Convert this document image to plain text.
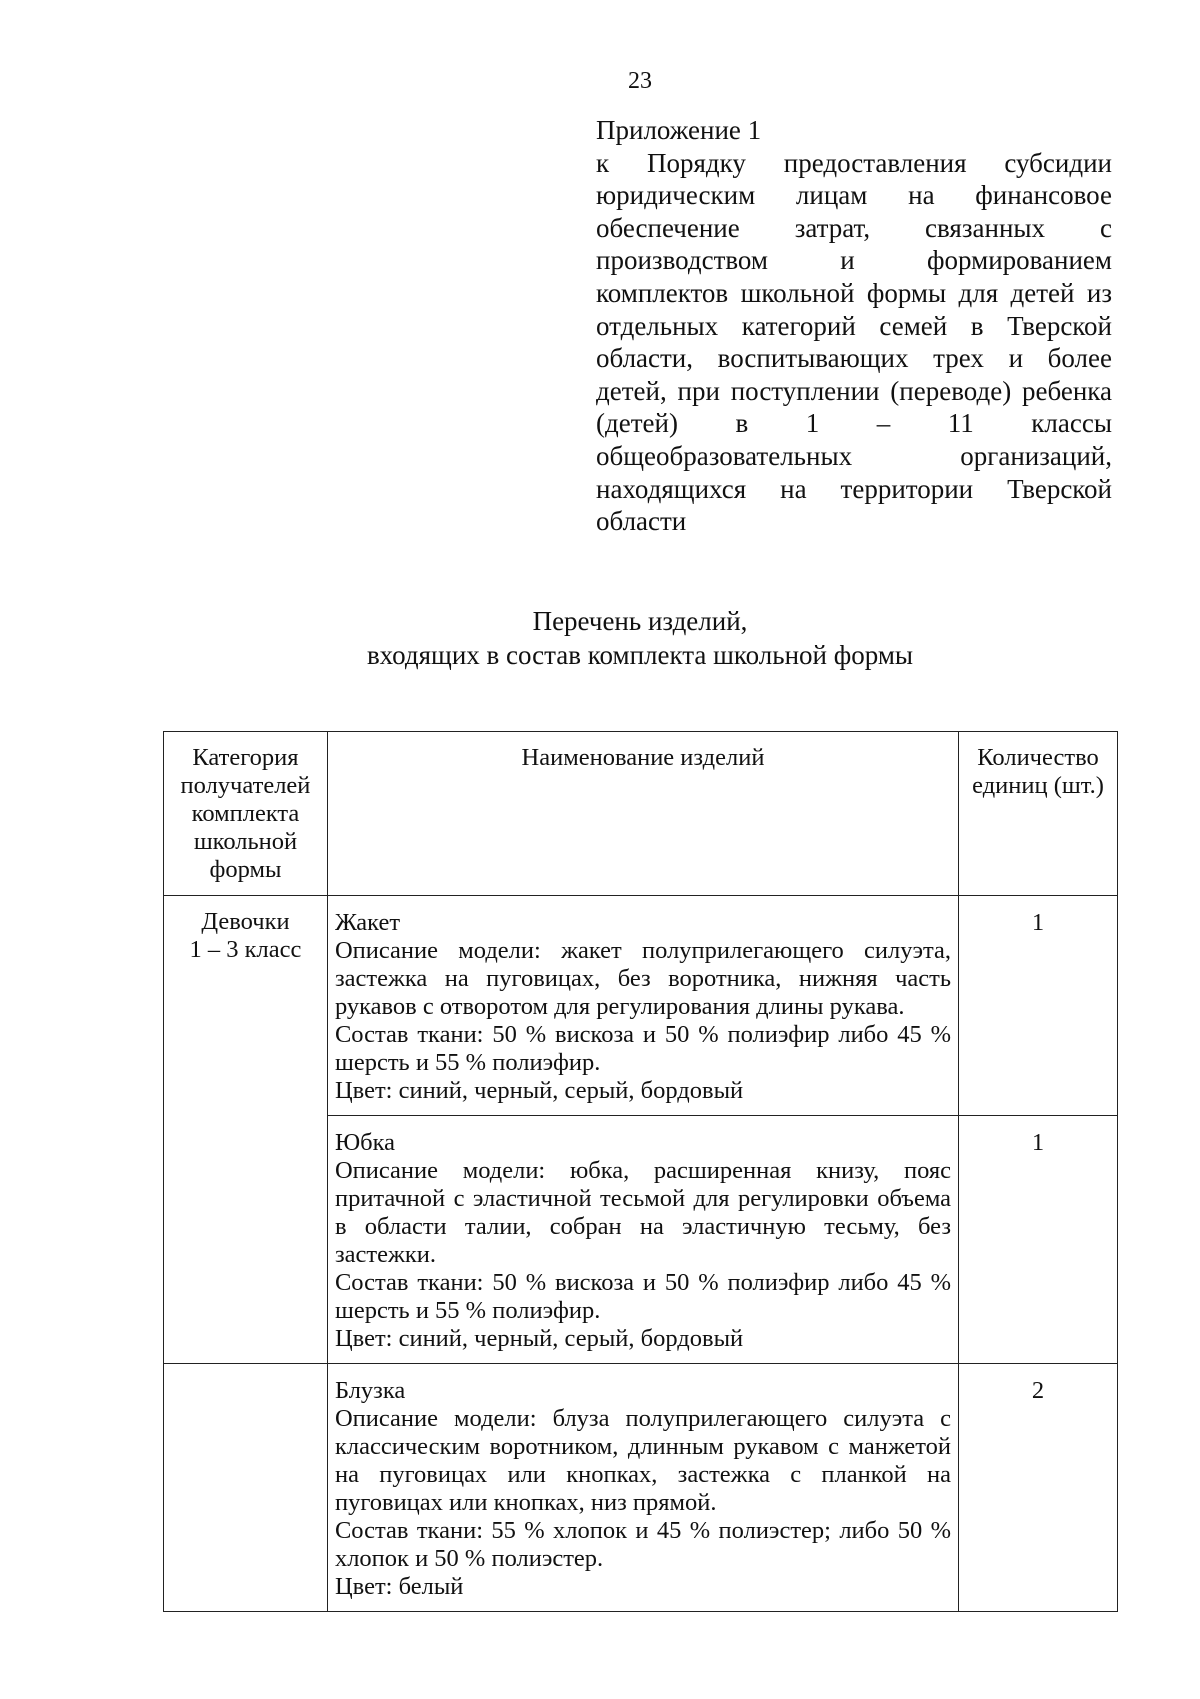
23
Приложение 1
к Порядку предоставления субсидии юридическим лицам на финансовое обеспечение затрат, связанных с производством и формированием комплектов школьной формы для детей из отдельных категорий семей в Тверской области, воспитывающих трех и более детей, при поступлении (переводе) ребенка (детей) в 1 – 11 классы общеобразовательных организаций, находящихся на территории Тверской области
Перечень изделий,
входящих в состав комплекта школьной формы
Категория получателей комплекта школьной формы	Наименование изделий	Количество единиц (шт.)

Девочки
1 – 3 класс	Жакет
Описание модели: жакет полуприлегающего силуэта, застежка на пуговицах, без воротника, нижняя часть рукавов с отворотом для регулирования длины рукава.
Состав ткани: 50 % вискоза и 50 % полиэфир либо 45 % шерсть и 55 % полиэфир.
Цвет: синий, черный, серый, бордовый	1

	Юбка
Описание модели: юбка, расширенная книзу, пояс притачной с эластичной тесьмой для регулировки объема в области талии, собран на эластичную тесьму, без застежки.
Состав ткани: 50 % вискоза и 50 % полиэфир либо 45 % шерсть и 55 % полиэфир.
Цвет: синий, черный, серый, бордовый	1

	Блузка
Описание модели: блуза полуприлегающего силуэта с классическим воротником, длинным рукавом с манжетой на пуговицах или кнопках, застежка с планкой на пуговицах или кнопках, низ прямой.
Состав ткани: 55 % хлопок и 45 % полиэстер; либо 50 % хлопок и 50 % полиэстер.
Цвет: белый	2
